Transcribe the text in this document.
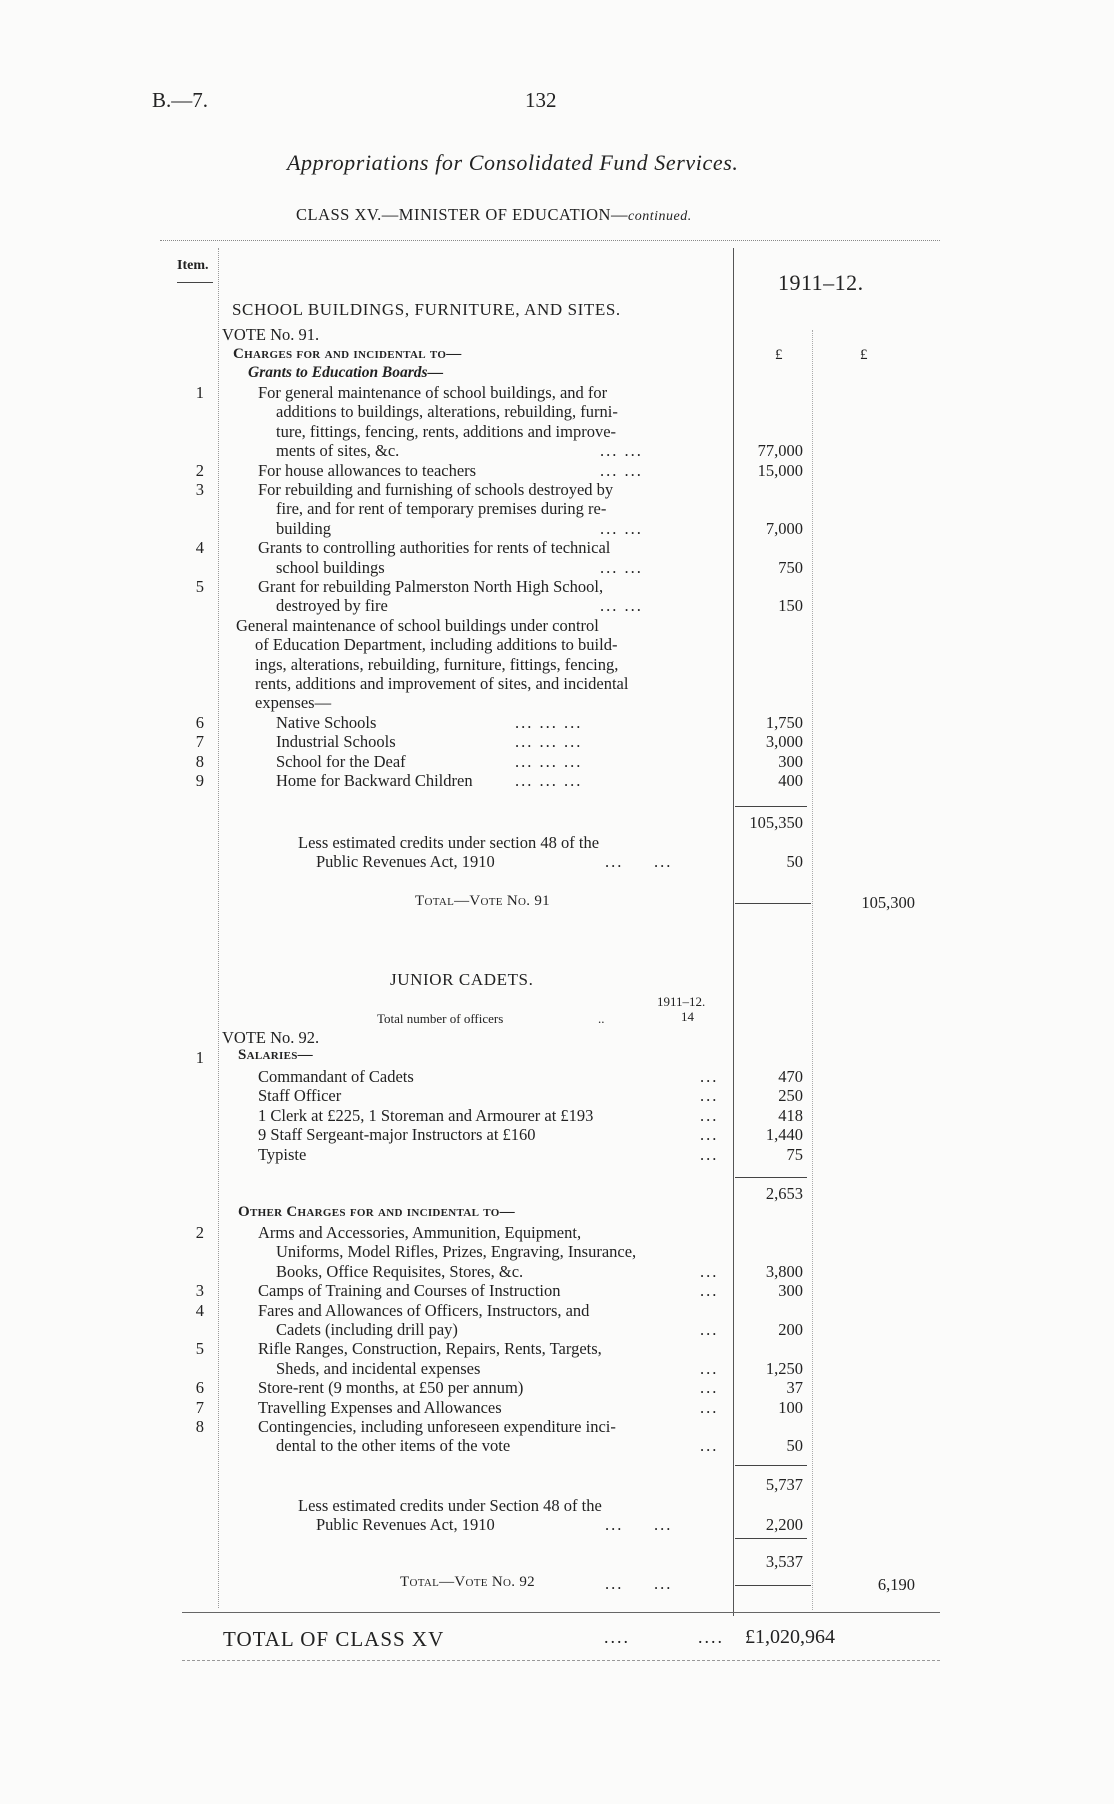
B.—7.	132
Appropriations for Consolidated Fund Services.
CLASS XV.—MINISTER OF EDUCATION—continued.
Item.
1911–12.
£	£
SCHOOL BUILDINGS, FURNITURE, AND SITES.
VOTE No. 91.
Charges for and incidental to—
Grants to Education Boards—
1	For general maintenance of school buildings, and for
additions to buildings, alterations, rebuilding, furni-
ture, fittings, fencing, rents, additions and improve-
ments of sites, &c.	... ...	77,000
2	For house allowances to teachers	... ...	15,000
3	For rebuilding and furnishing of schools destroyed by
fire, and for rent of temporary premises during re-
building	... ...	7,000
4	Grants to controlling authorities for rents of technical
school buildings	... ...	750
5	Grant for rebuilding Palmerston North High School,
destroyed by fire	... ...	150
General maintenance of school buildings under control
of Education Department, including additions to build-
ings, alterations, rebuilding, furniture, fittings, fencing,
rents, additions and improvement of sites, and incidental
expenses—
6	Native Schools	... ... ...	1,750
7	Industrial Schools	... ... ...	3,000
8	School for the Deaf	... ... ...	300
9	Home for Backward Children	... ... ...	400
105,350
Less estimated credits under section 48 of the
Public Revenues Act, 1910	...     ...	50
Total—Vote No. 91	105,300
JUNIOR CADETS.
1911–12.
Total number of officers	..	14
VOTE No. 92.
1 Salaries—
Commandant of Cadets	...	470
Staff Officer	...	250
1 Clerk at £225, 1 Storeman and Armourer at £193	...	418
9 Staff Sergeant-major Instructors at £160	...	1,440
Typiste	...	75
2,653
Other Charges for and incidental to—
2	Arms and Accessories, Ammunition, Equipment,
Uniforms, Model Rifles, Prizes, Engraving, Insurance,
Books, Office Requisites, Stores, &c.	...	3,800
3	Camps of Training and Courses of Instruction	...	300
4	Fares and Allowances of Officers, Instructors, and
Cadets (including drill pay)	...	200
5	Rifle Ranges, Construction, Repairs, Rents, Targets,
Sheds, and incidental expenses	...	1,250
6	Store-rent (9 months, at £50 per annum)	...	37
7	Travelling Expenses and Allowances	...	100
8	Contingencies, including unforeseen expenditure inci-
dental to the other items of the vote	...	50
5,737
Less estimated credits under Section 48 of the
Public Revenues Act, 1910	...     ...	2,200
3,537
Total—Vote No. 92	...     ...	6,190
TOTAL OF CLASS XV	....	.... £1,020,964
